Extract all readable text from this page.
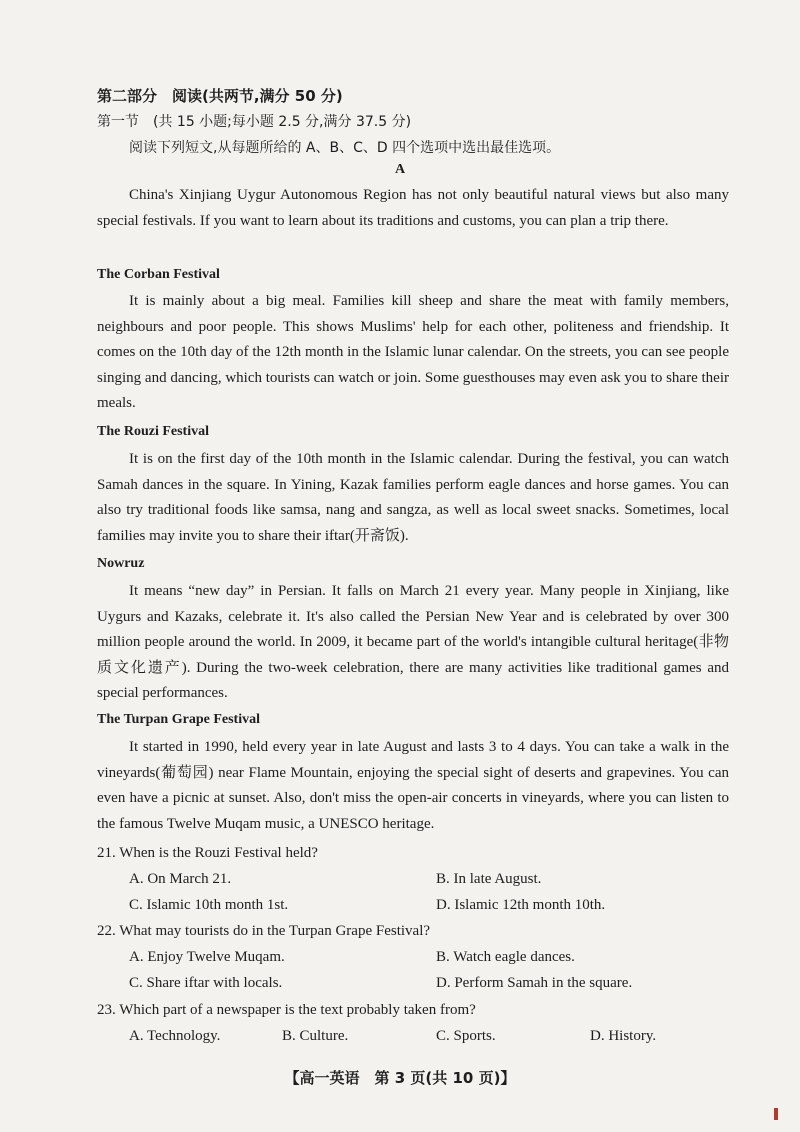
第二部分　阅读(共两节,满分 50 分)
第一节　(共 15 小题;每小题 2.5 分,满分 37.5 分)
阅读下列短文,从每题所给的 A、B、C、D 四个选项中选出最佳选项。
A

China's Xinjiang Uygur Autonomous Region has not only beautiful natural views but also many special festivals. If you want to learn about its traditions and customs, you can plan a trip there.

The Corban Festival

It is mainly about a big meal. Families kill sheep and share the meat with family members, neighbours and poor people. This shows Muslims' help for each other, politeness and friendship. It comes on the 10th day of the 12th month in the Islamic lunar calendar. On the streets, you can see people singing and dancing, which tourists can watch or join. Some guesthouses may even ask you to share their meals.

The Rouzi Festival

It is on the first day of the 10th month in the Islamic calendar. During the festival, you can watch Samah dances in the square. In Yining, Kazak families perform eagle dances and horse games. You can also try traditional foods like samsa, nang and sangza, as well as local sweet snacks. Sometimes, local families may invite you to share their iftar(开斋饭).

Nowruz

It means “new day” in Persian. It falls on March 21 every year. Many people in Xinjiang, like Uygurs and Kazaks, celebrate it. It's also called the Persian New Year and is celebrated by over 300 million people around the world. In 2009, it became part of the world's intangible cultural heritage(非物质文化遗产). During the two-week celebration, there are many activities like traditional games and special performances.

The Turpan Grape Festival

It started in 1990, held every year in late August and lasts 3 to 4 days. You can take a walk in the vineyards(葡萄园) near Flame Mountain, enjoying the special sight of deserts and grapevines. You can even have a picnic at sunset. Also, don't miss the open-air concerts in vineyards, where you can listen to the famous Twelve Muqam music, a UNESCO heritage.

21. When is the Rouzi Festival held?
A. On March 21.	B. In late August.
C. Islamic 10th month 1st.	D. Islamic 12th month 10th.
22. What may tourists do in the Turpan Grape Festival?
A. Enjoy Twelve Muqam.	B. Watch eagle dances.
C. Share iftar with locals.	D. Perform Samah in the square.
23. Which part of a newspaper is the text probably taken from?
A. Technology.	B. Culture.	C. Sports.	D. History.
【高一英语　第 3 页(共 10 页)】
